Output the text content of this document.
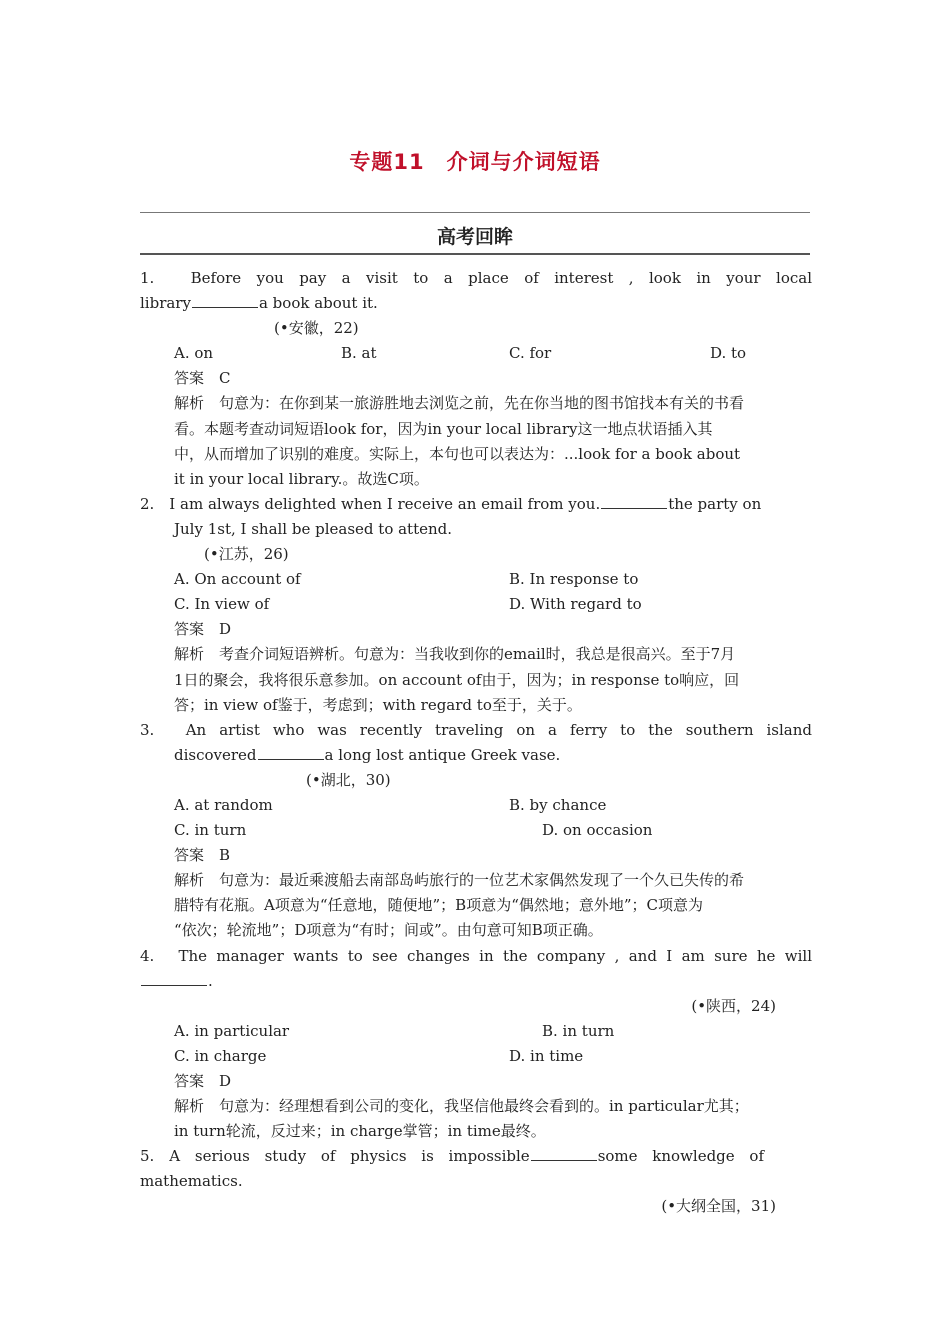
专题11　介词与介词短语
高考回眸
1.　Before you pay a visit to a place of interest , look in your local
library	a book about it.
(•安徽，22)
A. on	B. at	C. for	D. to
答案　C
解析　句意为：在你到某一旅游胜地去浏览之前，先在你当地的图书馆找本有关的书看
看。本题考查动词短语look for，因为in your local library这一地点状语插入其
中，从而增加了识别的难度。实际上，本句也可以表达为：...look for a book about
it in your local library.。故选C项。
2.　I am always delighted when I receive an email from you.	the party on
July 1st, I shall be pleased to attend.
(•江苏，26)
A. On account of	B. In response to
C. In view of	D. With regard to
答案　D
解析　考查介词短语辨析。句意为：当我收到你的email时，我总是很高兴。至于7月
1日的聚会，我将很乐意参加。on account of由于，因为；in response to响应，回
答；in view of鉴于，考虑到；with regard to至于，关于。
3.　An artist who was recently traveling on a ferry to the southern island
discovered	a long lost antique Greek vase.
(•湖北，30)
A. at random	B. by chance
C. in turn	D. on occasion
答案　B
解析　句意为：最近乘渡船去南部岛屿旅行的一位艺术家偶然发现了一个久已失传的希
腊特有花瓶。A项意为“任意地，随便地”；B项意为“偶然地；意外地”；C项意为
“依次；轮流地”；D项意为“有时；间或”。由句意可知B项正确。
4.　The manager wants to see changes in the company , and I am sure he will
.
(•陕西，24)
A. in particular	B. in turn
C. in charge	D. in time
答案　D
解析　句意为：经理想看到公司的变化，我坚信他最终会看到的。in particular尤其；
in turn轮流，反过来；in charge掌管；in time最终。
5.　A serious study of physics is impossible	some knowledge of
mathematics.
(•大纲全国，31)
